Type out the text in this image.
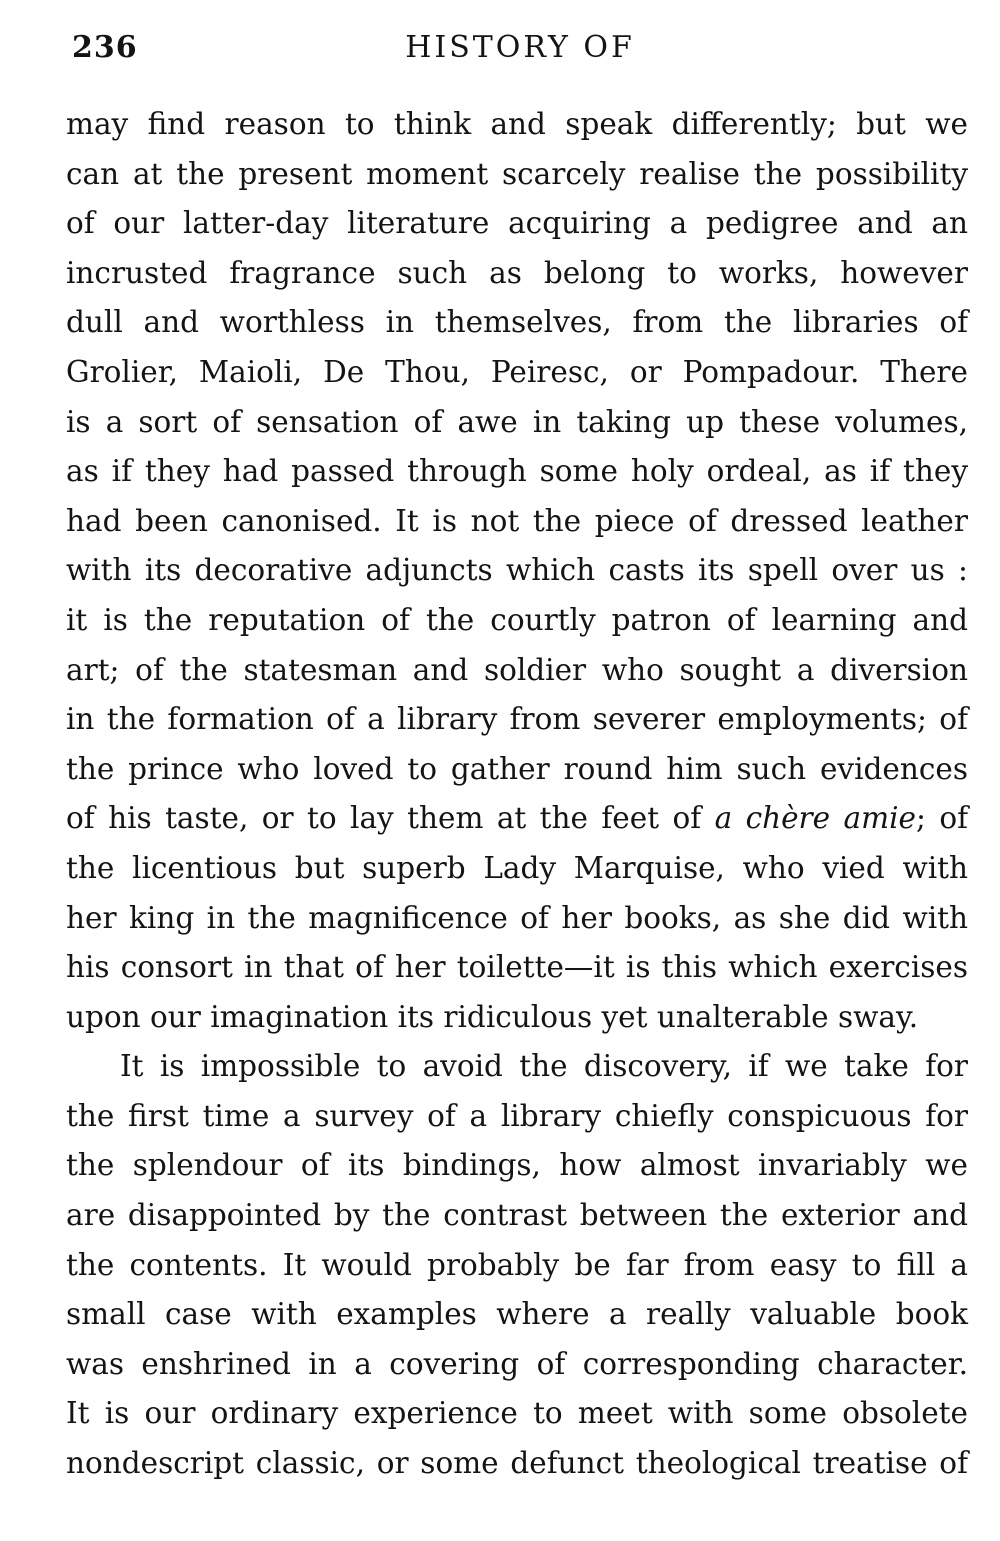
236	HISTORY OF
may find reason to think and speak differently; but we
can at the present moment scarcely realise the possibility
of our latter-day literature acquiring a pedigree and an
incrusted fragrance such as belong to works, however
dull and worthless in themselves, from the libraries of
Grolier, Maioli, De Thou, Peiresc, or Pompadour. There
is a sort of sensation of awe in taking up these volumes,
as if they had passed through some holy ordeal, as if they
had been canonised. It is not the piece of dressed leather
with its decorative adjuncts which casts its spell over us :
it is the reputation of the courtly patron of learning and
art; of the statesman and soldier who sought a diversion
in the formation of a library from severer employments; of
the prince who loved to gather round him such evidences
of his taste, or to lay them at the feet of a chère amie; of
the licentious but superb Lady Marquise, who vied with
her king in the magnificence of her books, as she did with
his consort in that of her toilette—it is this which exercises
upon our imagination its ridiculous yet unalterable sway.
It is impossible to avoid the discovery, if we take for
the first time a survey of a library chiefly conspicuous for
the splendour of its bindings, how almost invariably we
are disappointed by the contrast between the exterior and
the contents. It would probably be far from easy to fill a
small case with examples where a really valuable book
was enshrined in a covering of corresponding character.
It is our ordinary experience to meet with some obsolete
nondescript classic, or some defunct theological treatise of
